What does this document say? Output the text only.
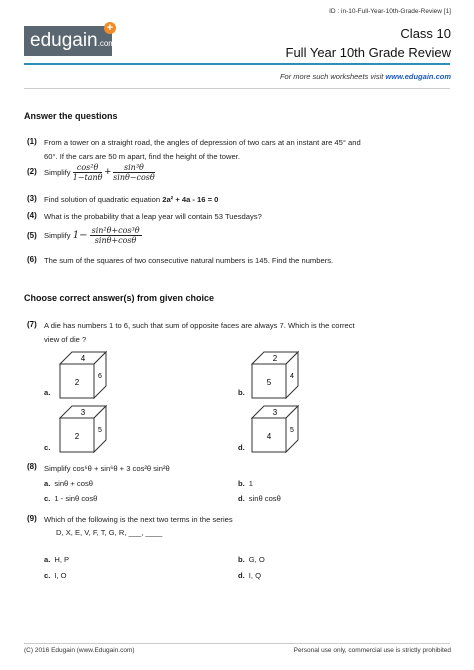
ID : in-10-Full-Year-10th-Grade-Review [1]
edugain.com
+	Class 10
Full Year 10th Grade Review
For more such worksheets visit www.edugain.com
Answer the questions
(1) From a tower on a straight road, the angles of depression of two cars at an instant are 45° and
60°. If the cars are 50 m apart, find the height of the tower.
(2) Simplify $\frac{\text{cos²θ}}{1-\tan\theta} + \frac{\text{sin³θ}}{\sin\theta-\cos\theta}$
(3) Find solution of quadratic equation 2a² + 4a - 16 = 0
(4) What is the probability that a leap year will contain 53 Tuesdays?
(5) Simplify $1- \frac{\text{sin²θ+cos³θ}}{\sin\theta+\cos\theta}$
(6) The sum of the squares of two consecutive natural numbers is 145. Find the numbers.
Choose correct answer(s) from given choice
(7) A die has numbers 1 to 6, such that sum of opposite faces are always 7. Which is the correct
view of die ?
a.
4
2
6
b.
2
5
4
c.
3
2
5
d.
3
4
5
(8) Simplify cos⁶θ + sin⁶θ + 3 cos²θ sin²θ
a. sinθ + cosθ	b. 1
c. 1 - sinθ cosθ	d. sinθ cosθ
(9) Which of the following is the next two terms in the series
D, X, E, V, F, T, G, R, ___, ____
a. H, P	b. G, O
c. I, O	d. I, Q
(C) 2016 Edugain (www.Edugain.com)	Personal use only, commercial use is strictly prohibited
